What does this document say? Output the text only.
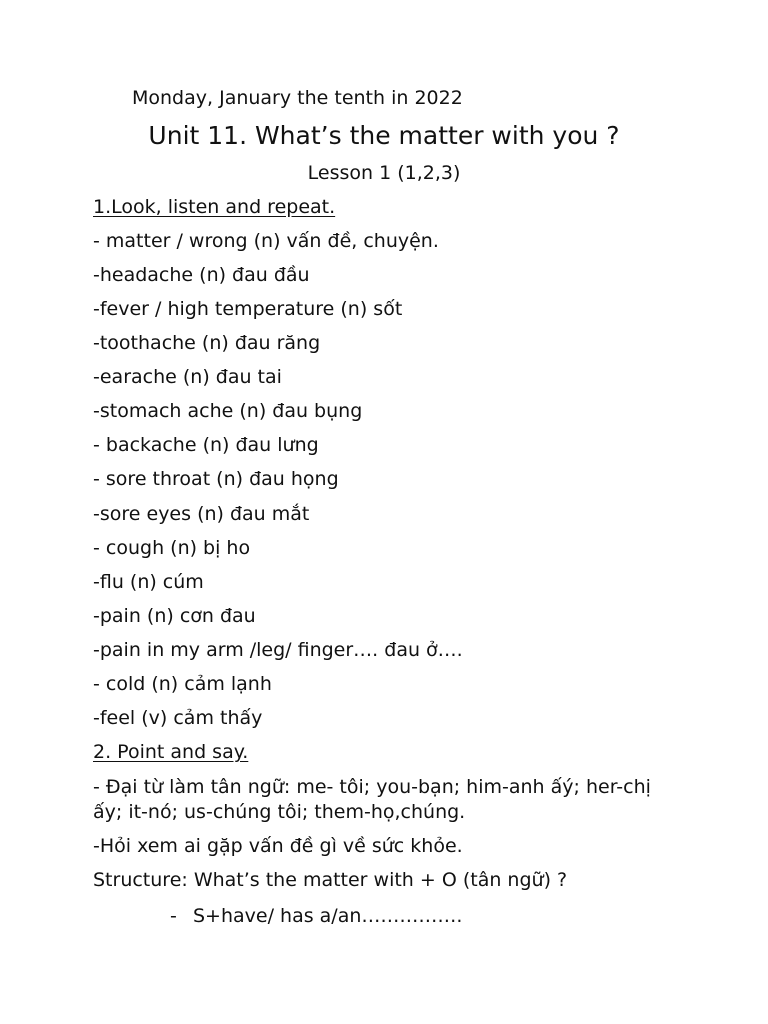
Monday, January the tenth in 2022
Unit 11. What’s the matter with you ?
Lesson 1 (1,2,3)
1.Look, listen and repeat.
- matter / wrong (n) vấn đề, chuyện.
-headache (n) đau đầu
-fever / high temperature (n) sốt
-toothache (n) đau răng
-earache (n) đau tai
-stomach ache (n) đau bụng
- backache (n) đau lưng
- sore throat (n) đau họng
-sore eyes (n) đau mắt
- cough (n) bị ho
-flu (n) cúm
-pain (n) cơn đau
-pain in my arm /leg/ finger…. đau ở….
- cold (n) cảm lạnh
-feel (v) cảm thấy
2. Point and say.
- Đại từ làm tân ngữ: me- tôi; you-bạn; him-anh ấý; her-chị ấy; it-nó; us-chúng tôi; them-họ,chúng.
-Hỏi xem ai gặp vấn đề gì về sức khỏe.
Structure: What’s the matter with + O (tân ngữ) ?
- S+have/ has a/an…………….
